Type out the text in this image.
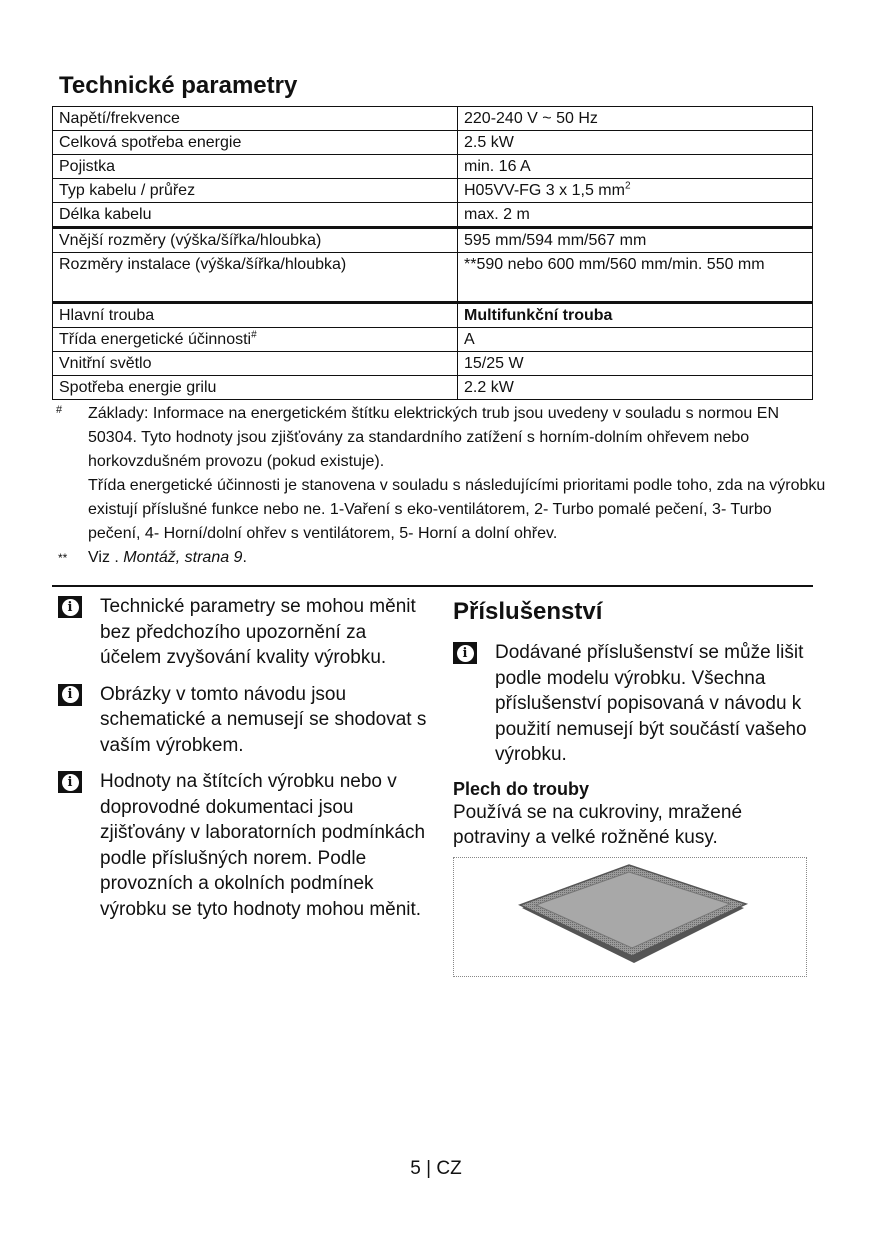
Technické parametry
Napětí/frekvence	220-240 V ~ 50 Hz
Celková spotřeba energie	2.5 kW
Pojistka	min. 16 A
Typ kabelu / průřez	H05VV-FG 3 x 1,5 $mm^2$
Délka kabelu	max. 2 m
Vnější rozměry (výška/šířka/hloubka)	595 mm/594 mm/567 mm
Rozměry instalace (výška/šířka/hloubka)	**590 nebo 600 mm/560 mm/min. 550 mm
Hlavní trouba	Multifunkční trouba
Třída energetické účinnosti#	A
Vnitřní světlo	15/25 W
Spotřeba energie grilu	2.2 kW
# Základy: Informace na energetickém štítku elektrických trub jsou uvedeny v souladu s normou EN 50304. Tyto hodnoty jsou zjišťovány za standardního zatížení s horním-dolním ohřevem nebo horkovzdušném provozu (pokud existuje).
Třída energetické účinnosti je stanovena v souladu s následujícími prioritami podle toho, zda na výrobku existují příslušné funkce nebo ne. 1-Vaření s eko-ventilátorem, 2- Turbo pomalé pečení, 3- Turbo pečení, 4- Horní/dolní ohřev s ventilátorem, 5- Horní a dolní ohřev.
** Viz . Montáž, strana 9.
i	Technické parametry se mohou měnit bez předchozího upozornění za účelem zvyšování kvality výrobku.
i	Obrázky v tomto návodu jsou schematické a nemusejí se shodovat s vaším výrobkem.
i	Hodnoty na štítcích výrobku nebo v doprovodné dokumentaci jsou zjišťovány v laboratorních podmínkách podle příslušných norem. Podle provozních a okolních podmínek výrobku se tyto hodnoty mohou měnit.
Příslušenství
i	Dodávané příslušenství se může lišit podle modelu výrobku. Všechna příslušenství popisovaná v návodu k použití nemusejí být součástí vašeho výrobku.
Plech do trouby

Používá se na cukroviny, mražené potraviny a velké rožněné kusy.

5 | CZ
